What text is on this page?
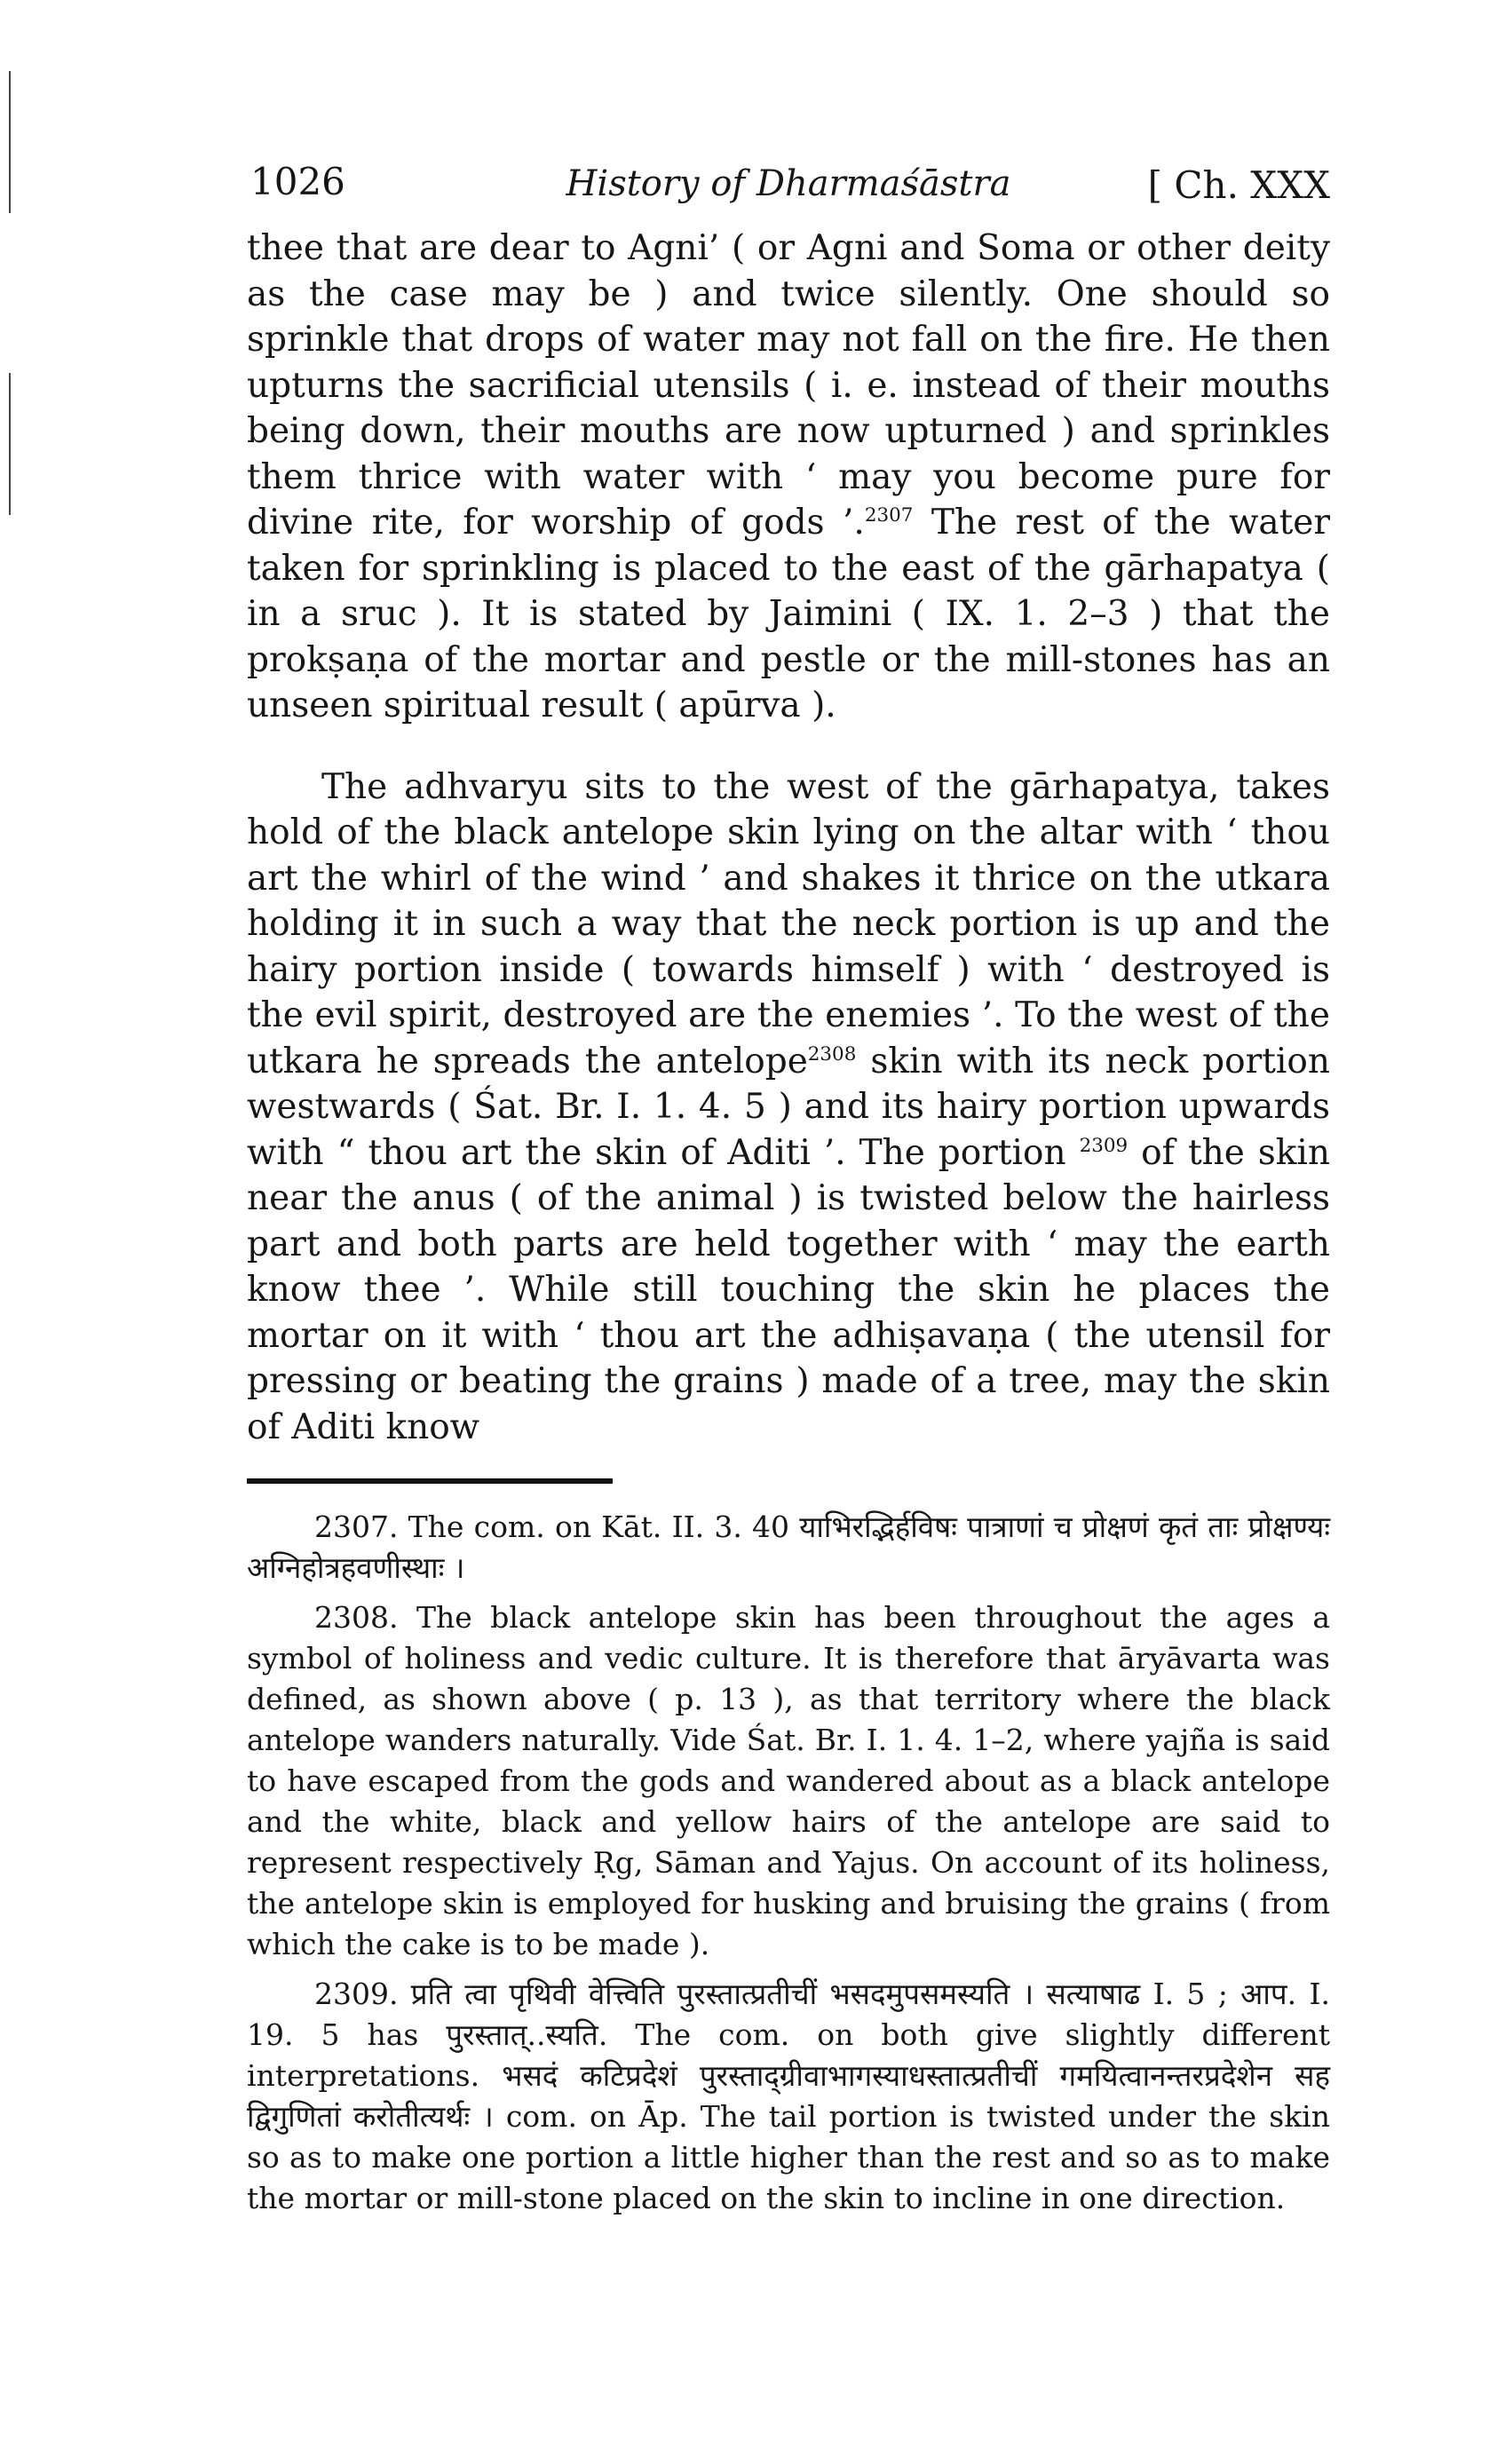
1026	History of Dharmaśāstra	[ Ch. XXX

thee that are dear to Agni’ ( or Agni and Soma or other deity as the case may be ) and twice silently. One should so sprinkle that drops of water may not fall on the fire. He then upturns the sacrificial utensils ( i. e. instead of their mouths being down, their mouths are now upturned ) and sprinkles them thrice with water with ‘ may you become pure for divine rite, for worship of gods ’.$^{2307}$ The rest of the water taken for sprinkling is placed to the east of the gārhapatya ( in a sruc ). It is stated by Jaimini ( IX. 1. 2–3 ) that the prokṣaṇa of the mortar and pestle or the mill-stones has an unseen spiritual result ( apūrva ).

The adhvaryu sits to the west of the gārhapatya, takes hold of the black antelope skin lying on the altar with ‘ thou art the whirl of the wind ’ and shakes it thrice on the utkara holding it in such a way that the neck portion is up and the hairy portion inside ( towards himself ) with ‘ destroyed is the evil spirit, destroyed are the enemies ’. To the west of the utkara he spreads the antelope$^{2308}$ skin with its neck portion westwards ( Śat. Br. I. 1. 4. 5 ) and its hairy portion upwards with “ thou art the skin of Aditi ’. The portion $^{2309}$ of the skin near the anus ( of the animal ) is twisted below the hairless part and both parts are held together with ‘ may the earth know thee ’. While still touching the skin he places the mortar on it with ‘ thou art the adhiṣavaṇa ( the utensil for pressing or beating the grains ) made of a tree, may the skin of Aditi know

2307. The com. on Kāt. II. 3. 40 याभिरद्भिर्हविषः पात्राणां च प्रोक्षणं कृतं ताः प्रोक्षण्यः अग्निहोत्रहवणीस्थाः ।

2308. The black antelope skin has been throughout the ages a symbol of holiness and vedic culture. It is therefore that āryāvarta was defined, as shown above ( p. 13 ), as that territory where the black antelope wanders naturally. Vide Śat. Br. I. 1. 4. 1–2, where yajña is said to have escaped from the gods and wandered about as a black antelope and the white, black and yellow hairs of the antelope are said to represent respectively Ṛg, Sāman and Yajus. On account of its holiness, the antelope skin is employed for husking and bruising the grains ( from which the cake is to be made ).

2309. प्रति त्वा पृथिवी वेत्त्विति पुरस्तात्प्रतीचीं भसदमुपसमस्यति । सत्याषाढ I. 5 ; आप. I. 19. 5 has पुरस्तात्..स्यति. The com. on both give slightly different interpretations. भसदं कटिप्रदेशं पुरस्ताद्ग्रीवाभागस्याधस्तात्प्रतीचीं गमयित्वानन्तरप्रदेशेन सह द्विगुणितां करोतीत्यर्थः । com. on Āp. The tail portion is twisted under the skin so as to make one portion a little higher than the rest and so as to make the mortar or mill-stone placed on the skin to incline in one direction.
